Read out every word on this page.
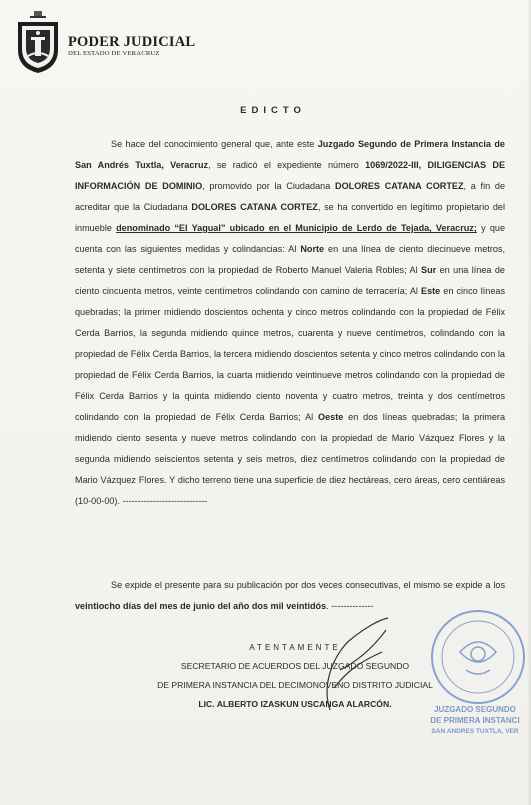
PODER JUDICIAL
DEL ESTADO DE VERACRUZ
EDICTO

Se hace del conocimiento general que, ante este Juzgado Segundo de Primera Instancia de San Andrés Tuxtla, Veracruz, se radicó el expediente número 1069/2022-III, DILIGENCIAS DE INFORMACIÓN DE DOMINIO, promovido por la Ciudadana DOLORES CATANA CORTEZ, a fin de acreditar que la Ciudadana DOLORES CATANA CORTEZ, se ha convertido en legítimo propietario del inmueble denominado “El Yagual” ubicado en el Municipio de Lerdo de Tejada, Veracruz; y que cuenta con las siguientes medidas y colindancias: Al Norte en una línea de ciento diecinueve metros, setenta y siete centímetros con la propiedad de Roberto Manuel Valeria Robles; Al Sur en una línea de ciento cincuenta metros, veinte centímetros colindando con camino de terracería; Al Este en cinco líneas quebradas; la primer midiendo doscientos ochenta y cinco metros colindando con la propiedad de Félix Cerda Barrios, la segunda midiendo quince metros, cuarenta y nueve centímetros, colindando con la propiedad de Félix Cerda Barrios, la tercera midiendo doscientos setenta y cinco metros colindando con la propiedad de Félix Cerda Barrios, la cuarta midiendo veintinueve metros colindando con la propiedad de Félix Cerda Barrios y la quinta midiendo ciento noventa y cuatro metros, treinta y dos centímetros colindando con la propiedad de Félix Cerda Barrios; Al Oeste en dos líneas quebradas; la primera midiendo ciento sesenta y nueve metros colindando con la propiedad de Mario Vázquez Flores y la segunda midiendo seiscientos setenta y seis metros, diez centímetros colindando con la propiedad de Mario Vázquez Flores. Y dicho terreno tiene una superficie de diez hectáreas, cero áreas, cero centiáreas (10-00-00). ----------------------------

Se expide el presente para su publicación por dos veces consecutivas, el mismo se expide a los veintiocho días del mes de junio del año dos mil veintidós. --------------

JUZGADO SEGUNDO
DE PRIMERA INSTANCI
SAN ANDRES TUXTLA, VER
ATENTAMENTE
SECRETARIO DE ACUERDOS DEL JUZGADO SEGUNDO
DE PRIMERA INSTANCIA DEL DECIMONOVENO DISTRITO JUDICIAL
LIC. ALBERTO IZASKUN USCANGA ALARCÓN.
